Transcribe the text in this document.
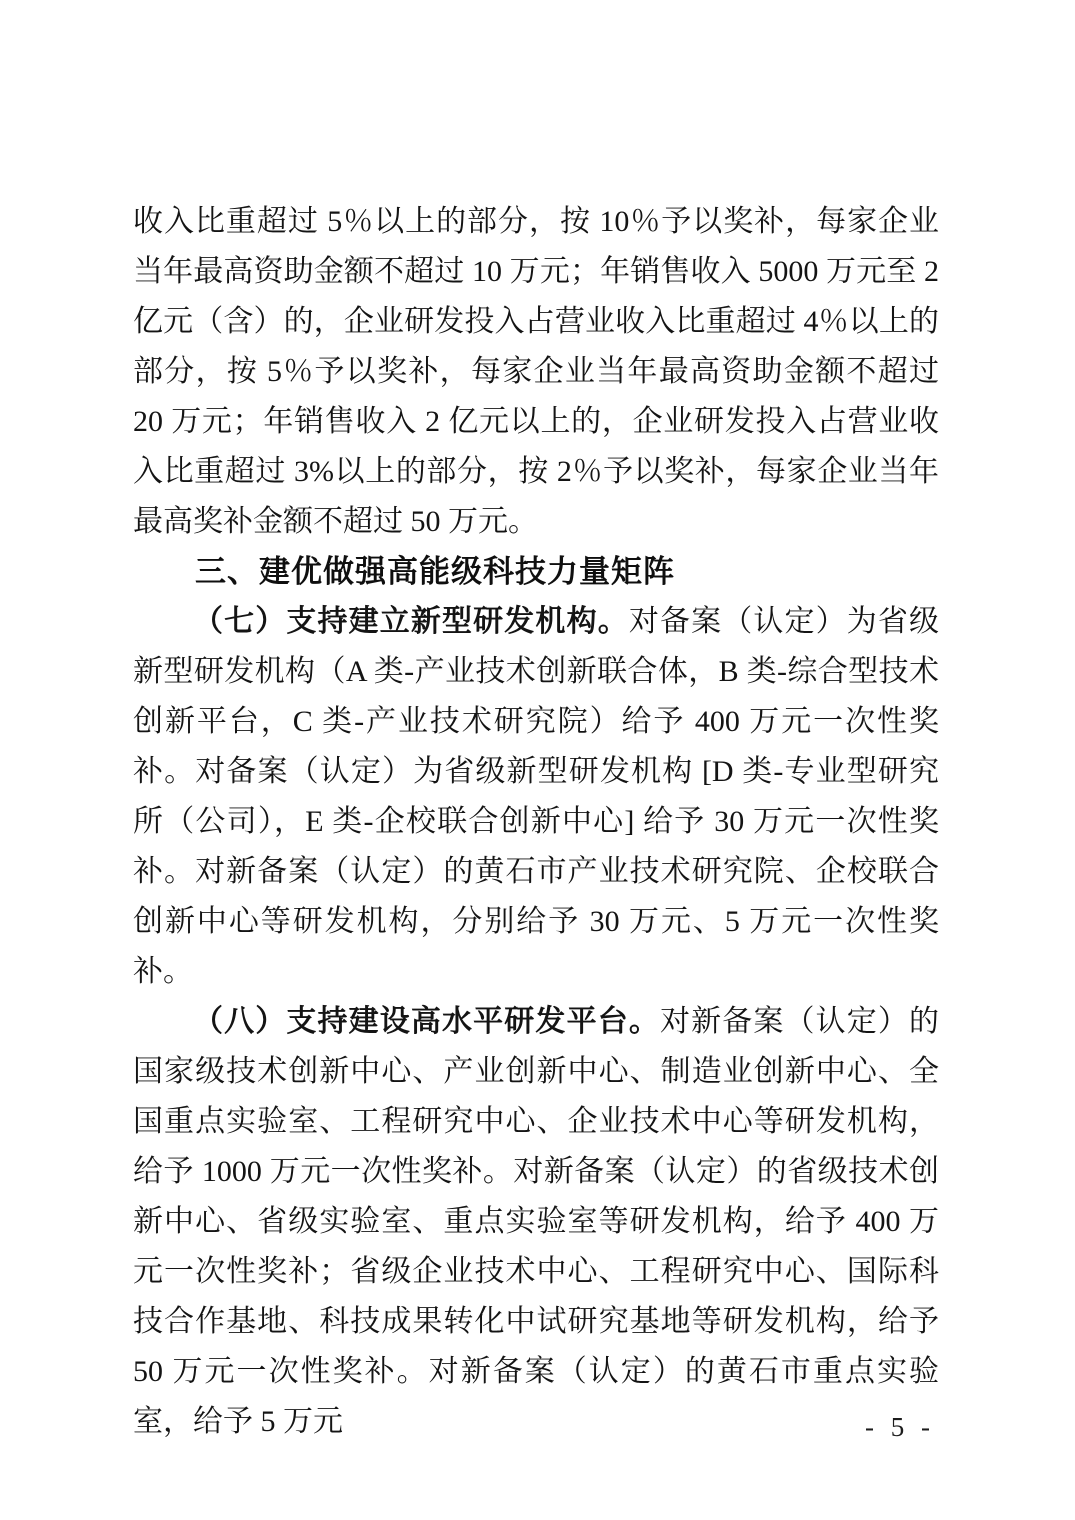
收入比重超过 5％以上的部分，按 10％予以奖补，每家企业当年最高资助金额不超过 10 万元；年销售收入 5000 万元至 2 亿元（含）的，企业研发投入占营业收入比重超过 4％以上的部分，按 5％予以奖补，每家企业当年最高资助金额不超过 20 万元；年销售收入 2 亿元以上的，企业研发投入占营业收入比重超过 3%以上的部分，按 2％予以奖补，每家企业当年最高奖补金额不超过 50 万元。

三、建优做强高能级科技力量矩阵

（七）支持建立新型研发机构。对备案（认定）为省级新型研发机构（A 类-产业技术创新联合体，B 类-综合型技术创新平台，C 类-产业技术研究院）给予 400 万元一次性奖补。对备案（认定）为省级新型研发机构 [D 类-专业型研究所（公司），E 类-企校联合创新中心] 给予 30 万元一次性奖补。对新备案（认定）的黄石市产业技术研究院、企校联合创新中心等研发机构，分别给予 30 万元、5 万元一次性奖补。

（八）支持建设高水平研发平台。对新备案（认定）的国家级技术创新中心、产业创新中心、制造业创新中心、全国重点实验室、工程研究中心、企业技术中心等研发机构，给予 1000 万元一次性奖补。对新备案（认定）的省级技术创新中心、省级实验室、重点实验室等研发机构，给予 400 万元一次性奖补；省级企业技术中心、工程研究中心、国际科技合作基地、科技成果转化中试研究基地等研发机构，给予 50 万元一次性奖补。对新备案（认定）的黄石市重点实验室，给予 5 万元	- 5 -
